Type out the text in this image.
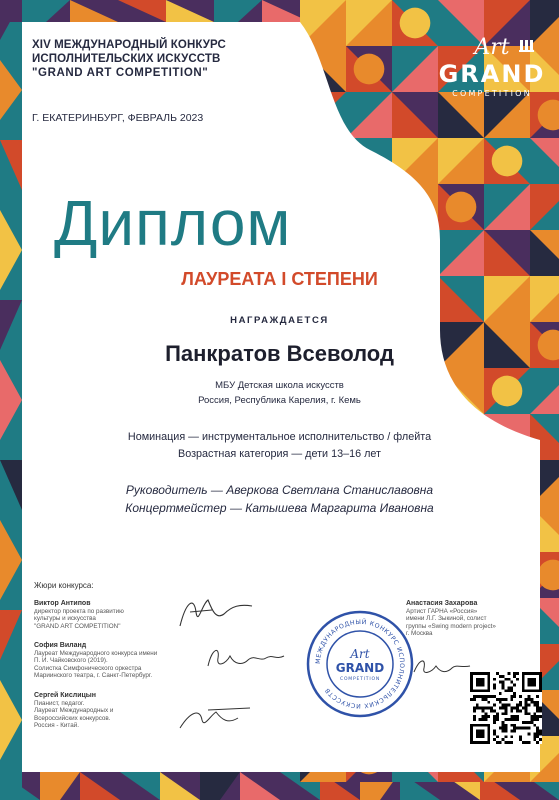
Art
GRAND
COMPETITION

XIV МЕЖДУНАРОДНЫЙ КОНКУРС

ИСПОЛНИТЕЛЬСКИХ ИСКУССТВ

"GRAND ART COMPETITION"

Г. ЕКАТЕРИНБУРГ, ФЕВРАЛЬ 2023

Диплом

ЛАУРЕАТА I СТЕПЕНИ

НАГРАЖДАЕТСЯ

Панкратов Всеволод

МБУ Детская школа искусств

Россия, Республика Карелия, г. Кемь

Номинация — инструментальное исполнительство / флейта

Возрастная категория — дети 13–16 лет

Руководитель — Аверкова Светлана Станиславовна

Концертмейстер — Катышева Маргарита Ивановна

Жюри конкурса:

Виктор Антипов
директор проекта по развитию
культуры и искусства
"GRAND ART COMPETITION"
София Виланд
Лауреат Международного конкурса имени
П. И. Чайковского (2019).
Солистка Симфонического оркестра
Мариинского театра, г. Санкт-Петербург.
Сергей Кислицын
Пианист, педагог.
Лауреат Международных и
Всероссийских конкурсов.
Россия - Китай.
Анастасия Захарова
Артист ГАРНА «Россия»
имени Л.Г. Зыкиной, солист
группы «Swing modern project»
г. Москва
МЕЖДУНАРОДНЫЙ КОНКУРС ИСПОЛНИТЕЛЬСКИХ ИСКУССТВ
Art
GRAND
COMPETITION
